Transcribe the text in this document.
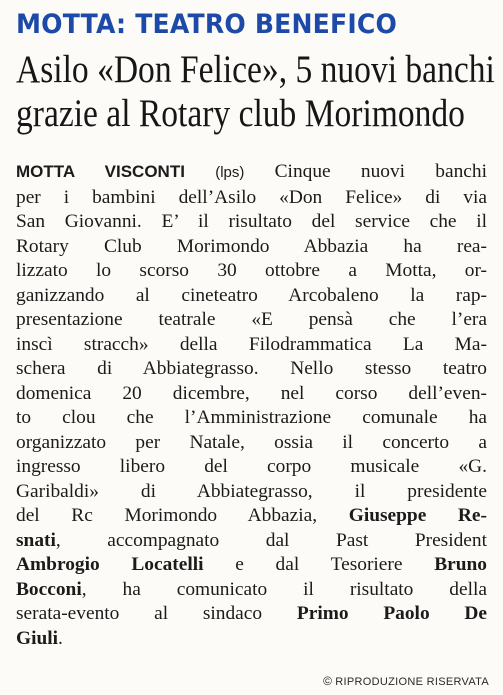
MOTTA: TEATRO BENEFICO
Asilo «Don Felice», 5 nuovi banchi
grazie al Rotary club Morimondo
MOTTA VISCONTI (lps) Cinque nuovi banchi
per i bambini dell’Asilo «Don Felice» di via
San Giovanni. E’ il risultato del service che il
Rotary Club Morimondo Abbazia ha rea-
lizzato lo scorso 30 ottobre a Motta, or-
ganizzando al cineteatro Arcobaleno la rap-
presentazione teatrale «E pensà che l’era
inscì stracch» della Filodrammatica La Ma-
schera di Abbiategrasso. Nello stesso teatro
domenica 20 dicembre, nel corso dell’even-
to clou che l’Amministrazione comunale ha
organizzato per Natale, ossia il concerto a
ingresso libero del corpo musicale «G.
Garibaldi» di Abbiategrasso, il presidente
del Rc Morimondo Abbazia, Giuseppe Re-
snati, accompagnato dal Past President
Ambrogio Locatelli e dal Tesoriere Bruno
Bocconi, ha comunicato il risultato della
serata-evento al sindaco Primo Paolo De
Giuli.
© RIPRODUZIONE RISERVATA
